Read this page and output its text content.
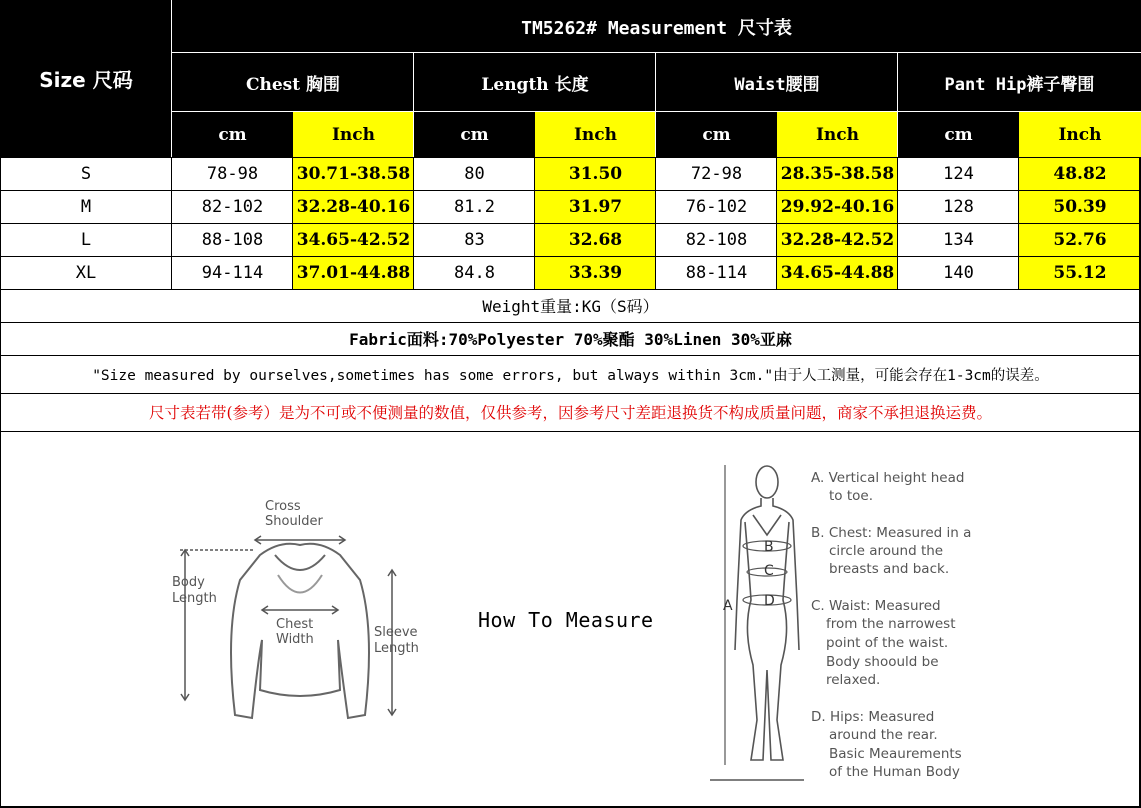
Size 尺码
TM5262# Measurement 尺寸表
Chest 胸围	Length 长度	Waist腰围	Pant Hip裤子臀围
cm	Inch	cm	Inch	cm	Inch	cm	Inch
S	78-98 30.71-38.58	80	31.50	72-98 28.35-38.58	124	48.82
M	82-102 32.28-40.16	81.2	31.97	76-102 29.92-40.16	128	50.39
L	88-108 34.65-42.52	83	32.68	82-108 32.28-42.52	134	52.76
XL	94-114 37.01-44.88	84.8	33.39	88-114 34.65-44.88	140	55.12
Weight重量:KG（S码）
Fabric面料:70%Polyester 70%聚酯 30%Linen 30%亚麻
"Size measured by ourselves,sometimes has some errors, but always within 3cm."由于人工测量，可能会存在1-3cm的误差。
尺寸表若带(参考）是为不可或不便测量的数值，仅供参考，因参考尺寸差距退换货不构成质量问题，商家不承担退换运费。
How To Measure
Cross
Shoulder
Body
Length
Chest
Width	Sleeve
Length
A
B
C
D
A. Vertical height head
to toe.
B. Chest: Measured in a
circle around the
breasts and back.
C. Waist: Measured
from the narrowest
point of the waist.
Body shoould be
relaxed.
D. Hips: Measured
around the rear.
Basic Meaurements
of the Human Body
